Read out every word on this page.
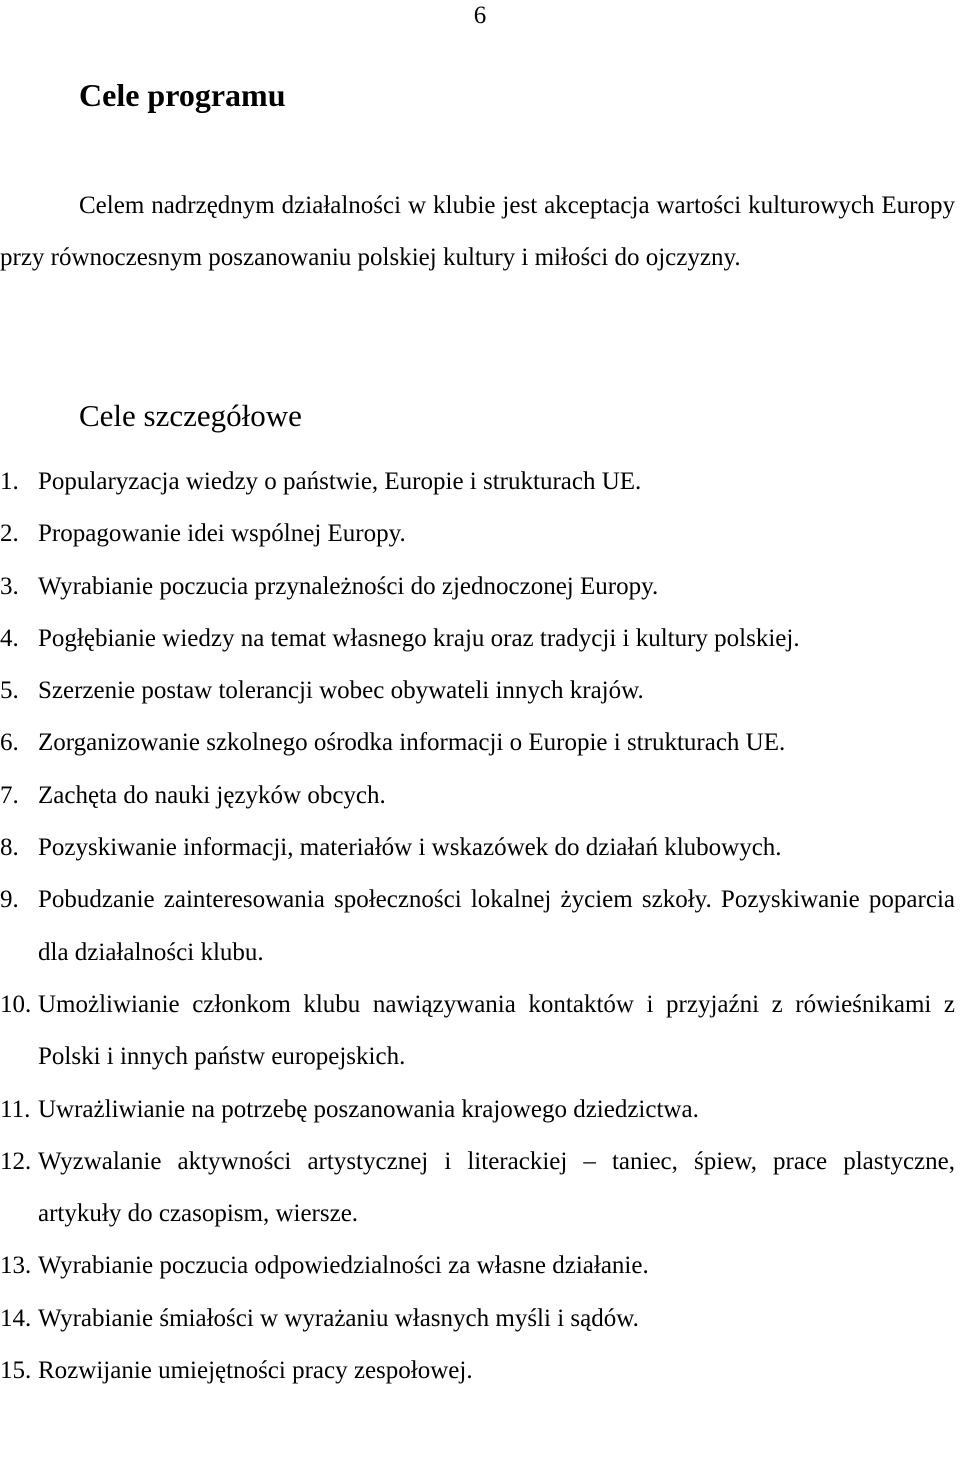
6
Cele programu

Celem nadrzędnym działalności w klubie jest akceptacja wartości kulturowych Europy przy równoczesnym poszanowaniu polskiej kultury i miłości do ojczyzny.

Cele szczegółowe
1. Popularyzacja wiedzy o państwie, Europie i strukturach UE.
2. Propagowanie idei wspólnej Europy.
3. Wyrabianie poczucia przynależności do zjednoczonej Europy.
4. Pogłębianie wiedzy na temat własnego kraju oraz tradycji i kultury polskiej.
5. Szerzenie postaw tolerancji wobec obywateli innych krajów.
6. Zorganizowanie szkolnego ośrodka informacji o Europie i strukturach UE.
7. Zachęta do nauki języków obcych.
8. Pozyskiwanie informacji, materiałów i wskazówek do działań klubowych.
9. Pobudzanie zainteresowania społeczności lokalnej życiem szkoły. Pozyskiwanie poparcia dla działalności klubu.
10. Umożliwianie członkom klubu nawiązywania kontaktów i przyjaźni z rówieśnikami z Polski i innych państw europejskich.
11. Uwrażliwianie na potrzebę poszanowania krajowego dziedzictwa.
12. Wyzwalanie aktywności artystycznej i literackiej – taniec, śpiew, prace plastyczne, artykuły do czasopism, wiersze.
13. Wyrabianie poczucia odpowiedzialności za własne działanie.
14. Wyrabianie śmiałości w wyrażaniu własnych myśli i sądów.
15. Rozwijanie umiejętności pracy zespołowej.
